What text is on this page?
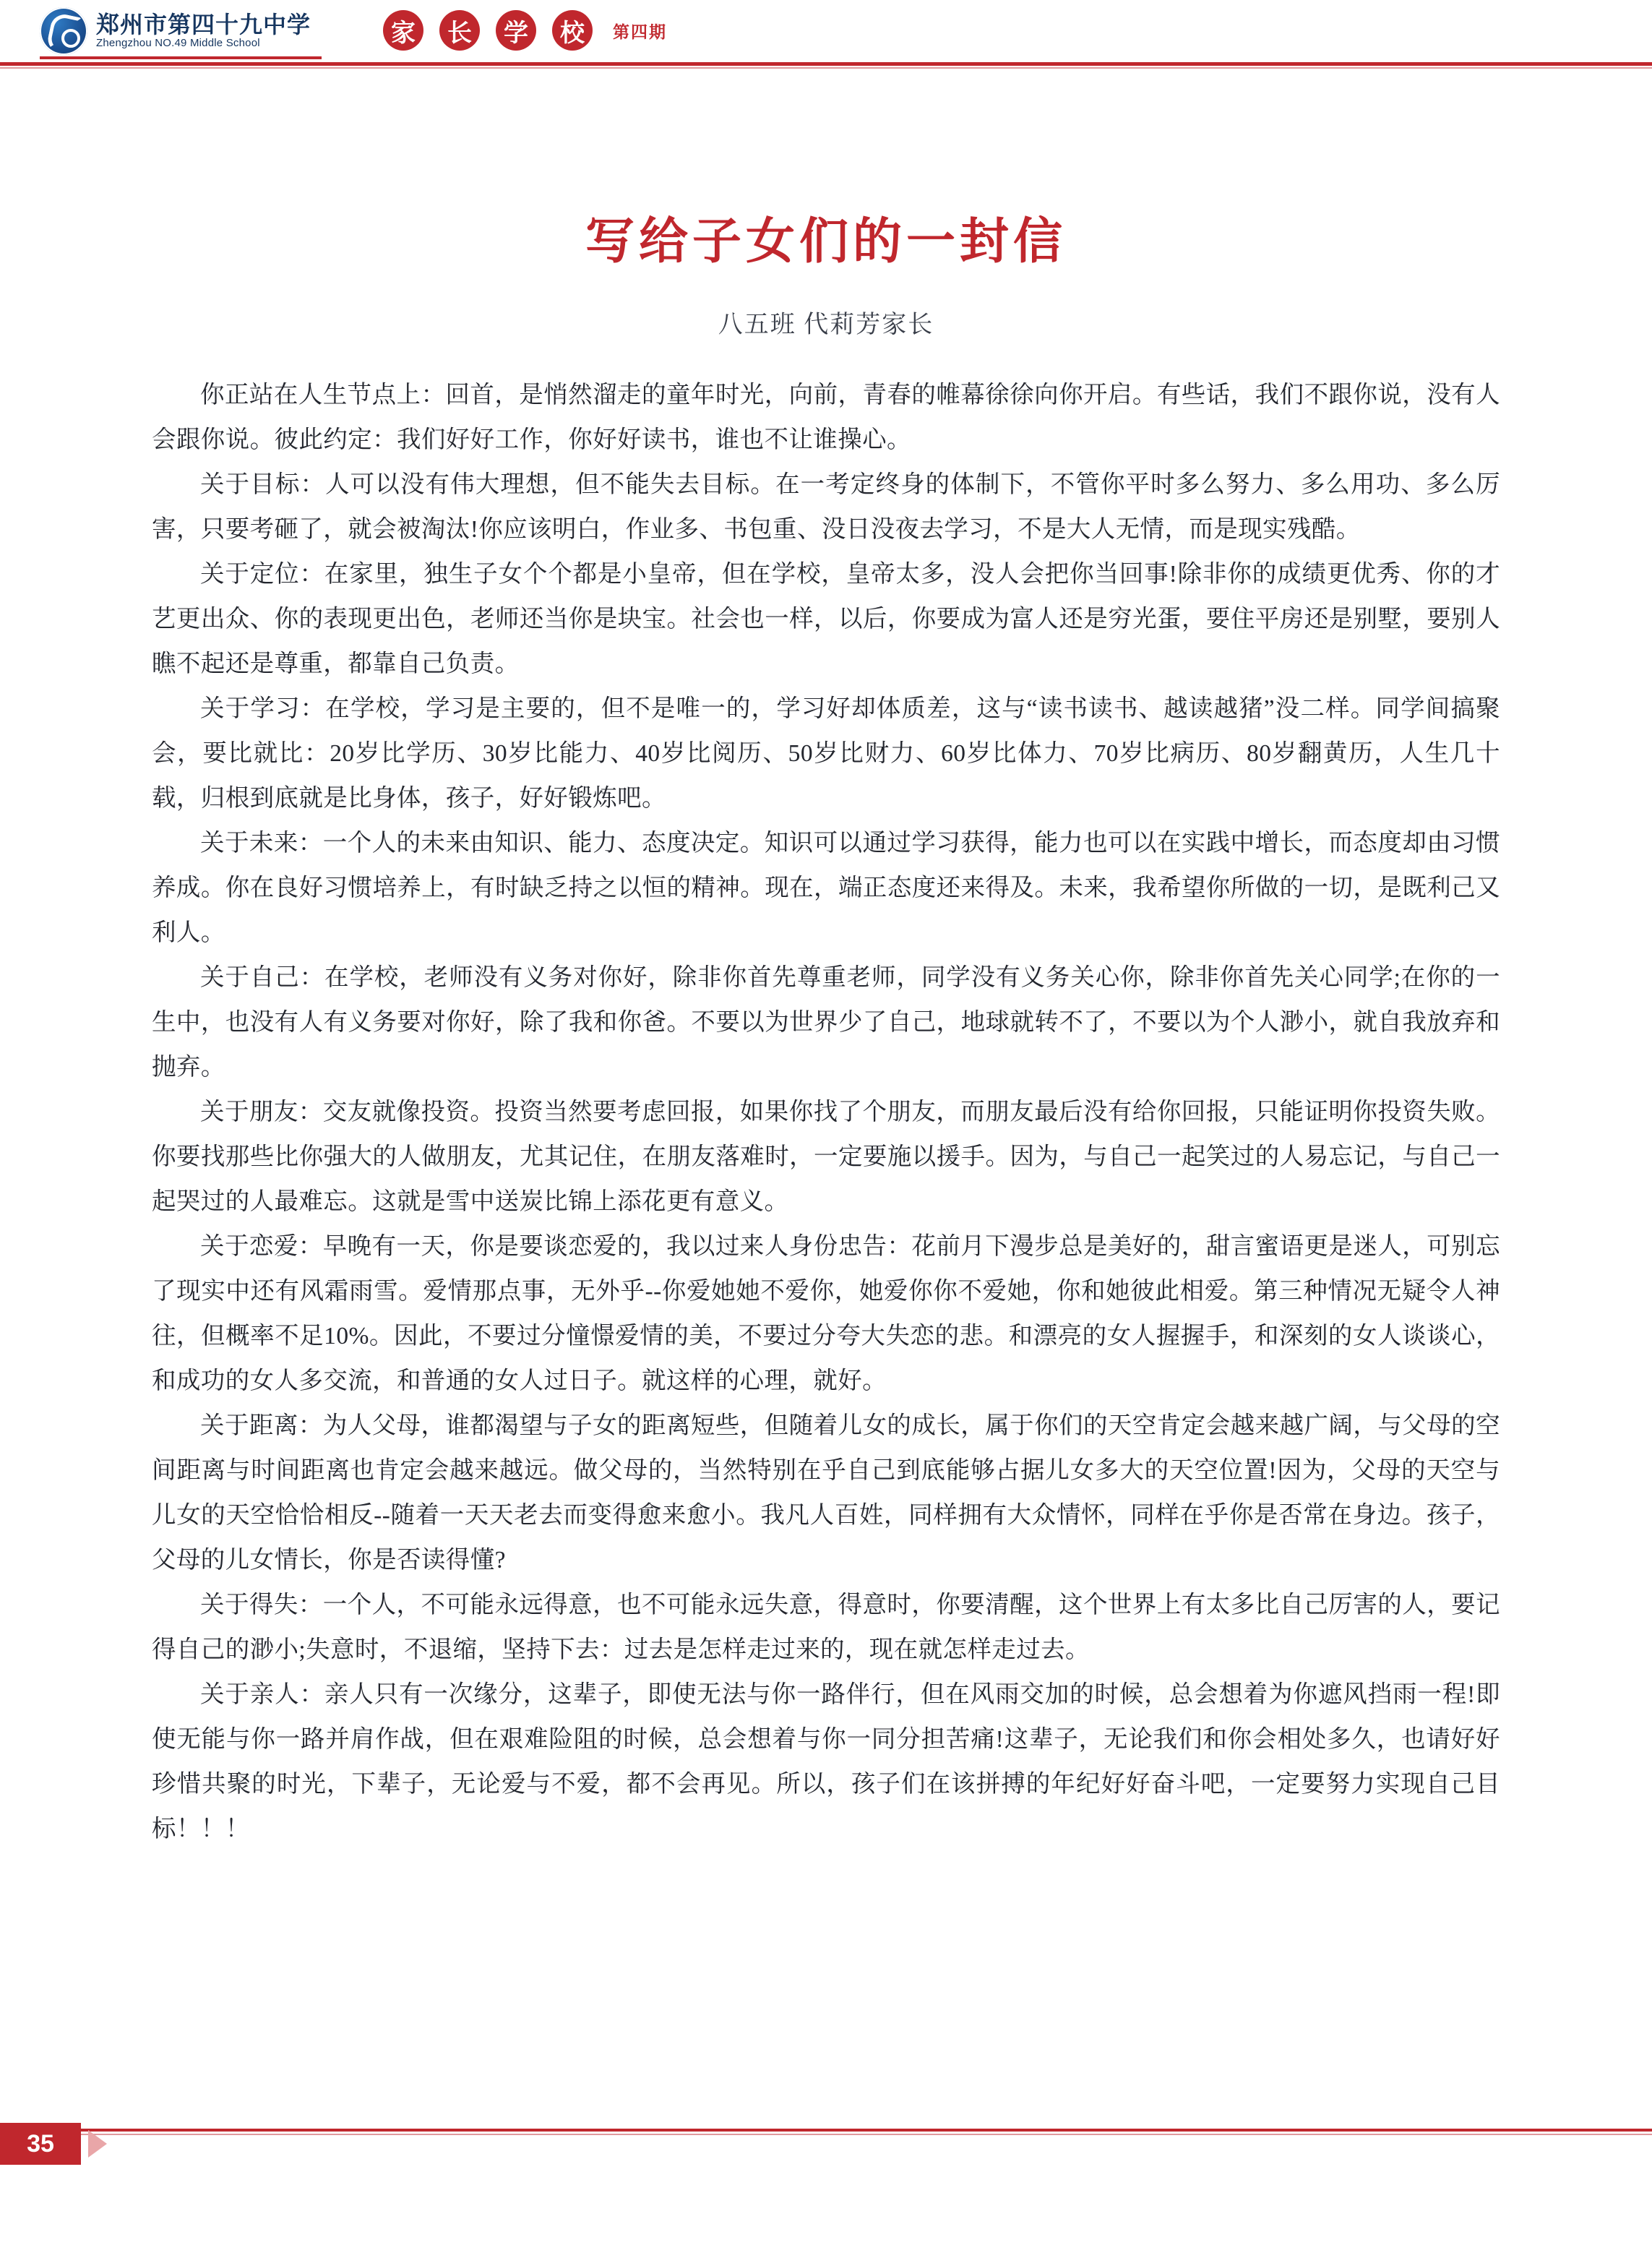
郑州市第四十九中学
Zhengzhou NO.49 Middle School	家	长	学	校	第四期
写给子女们的一封信
八五班 代莉芳家长

你正站在人生节点上：回首，是悄然溜走的童年时光，向前，青春的帷幕徐徐向你开启。有些话，我们不跟你说，没有人会跟你说。彼此约定：我们好好工作，你好好读书，谁也不让谁操心。

关于目标：人可以没有伟大理想，但不能失去目标。在一考定终身的体制下，不管你平时多么努力、多么用功、多么厉害，只要考砸了，就会被淘汰!你应该明白，作业多、书包重、没日没夜去学习，不是大人无情，而是现实残酷。

关于定位：在家里，独生子女个个都是小皇帝，但在学校，皇帝太多，没人会把你当回事!除非你的成绩更优秀、你的才艺更出众、你的表现更出色，老师还当你是块宝。社会也一样，以后，你要成为富人还是穷光蛋，要住平房还是别墅，要别人瞧不起还是尊重，都靠自己负责。

关于学习：在学校，学习是主要的，但不是唯一的，学习好却体质差，这与“读书读书、越读越猪”没二样。同学间搞聚会，要比就比：20岁比学历、30岁比能力、40岁比阅历、50岁比财力、60岁比体力、70岁比病历、80岁翻黄历，人生几十载，归根到底就是比身体，孩子，好好锻炼吧。

关于未来：一个人的未来由知识、能力、态度决定。知识可以通过学习获得，能力也可以在实践中增长，而态度却由习惯养成。你在良好习惯培养上，有时缺乏持之以恒的精神。现在，端正态度还来得及。未来，我希望你所做的一切，是既利己又利人。

关于自己：在学校，老师没有义务对你好，除非你首先尊重老师，同学没有义务关心你，除非你首先关心同学;在你的一生中，也没有人有义务要对你好，除了我和你爸。不要以为世界少了自己，地球就转不了，不要以为个人渺小，就自我放弃和抛弃。

关于朋友：交友就像投资。投资当然要考虑回报，如果你找了个朋友，而朋友最后没有给你回报，只能证明你投资失败。你要找那些比你强大的人做朋友，尤其记住，在朋友落难时，一定要施以援手。因为，与自己一起笑过的人易忘记，与自己一起哭过的人最难忘。这就是雪中送炭比锦上添花更有意义。

关于恋爱：早晚有一天，你是要谈恋爱的，我以过来人身份忠告：花前月下漫步总是美好的，甜言蜜语更是迷人，可别忘了现实中还有风霜雨雪。爱情那点事，无外乎--你爱她她不爱你，她爱你你不爱她，你和她彼此相爱。第三种情况无疑令人神往，但概率不足10%。因此，不要过分憧憬爱情的美，不要过分夸大失恋的悲。和漂亮的女人握握手，和深刻的女人谈谈心，和成功的女人多交流，和普通的女人过日子。就这样的心理，就好。

关于距离：为人父母，谁都渴望与子女的距离短些，但随着儿女的成长，属于你们的天空肯定会越来越广阔，与父母的空间距离与时间距离也肯定会越来越远。做父母的，当然特别在乎自己到底能够占据儿女多大的天空位置!因为，父母的天空与儿女的天空恰恰相反--随着一天天老去而变得愈来愈小。我凡人百姓，同样拥有大众情怀，同样在乎你是否常在身边。孩子，父母的儿女情长，你是否读得懂?

关于得失：一个人，不可能永远得意，也不可能永远失意，得意时，你要清醒，这个世界上有太多比自己厉害的人，要记得自己的渺小;失意时，不退缩，坚持下去：过去是怎样走过来的，现在就怎样走过去。

关于亲人：亲人只有一次缘分，这辈子，即使无法与你一路伴行，但在风雨交加的时候，总会想着为你遮风挡雨一程!即使无能与你一路并肩作战，但在艰难险阻的时候，总会想着与你一同分担苦痛!这辈子，无论我们和你会相处多久，也请好好珍惜共聚的时光，下辈子，无论爱与不爱，都不会再见。所以，孩子们在该拼搏的年纪好好奋斗吧，一定要努力实现自己目标！！！

35
